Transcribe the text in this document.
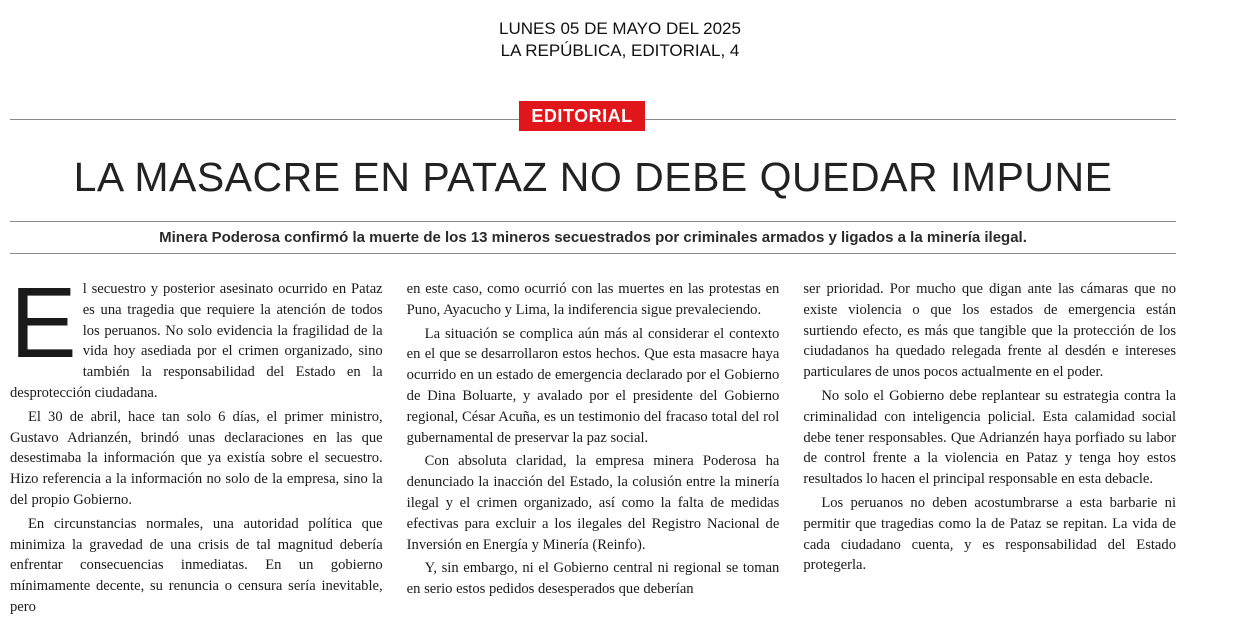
LUNES 05 DE MAYO DEL 2025
LA REPÚBLICA, EDITORIAL, 4
EDITORIAL
LA MASACRE EN PATAZ NO DEBE QUEDAR IMPUNE
Minera Poderosa confirmó la muerte de los 13 mineros secuestrados por criminales armados y ligados a la minería ilegal.

El secuestro y posterior asesinato ocurrido en Pataz es una tragedia que requiere la atención de todos los peruanos. No solo evidencia la fragilidad de la vida hoy asediada por el crimen organizado, sino también la responsabilidad del Estado en la desprotección ciudadana.

El 30 de abril, hace tan solo 6 días, el primer ministro, Gustavo Adrianzén, brindó unas declaraciones en las que desestimaba la información que ya existía sobre el secuestro. Hizo referencia a la información no solo de la empresa, sino la del propio Gobierno.

En circunstancias normales, una autoridad política que minimiza la gravedad de una crisis de tal magnitud debería enfrentar consecuencias inmediatas. En un gobierno mínimamente decente, su renuncia o censura sería inevitable, pero

en este caso, como ocurrió con las muertes en las protestas en Puno, Ayacucho y Lima, la indiferencia sigue prevaleciendo.

La situación se complica aún más al considerar el contexto en el que se desarrollaron estos hechos. Que esta masacre haya ocurrido en un estado de emergencia declarado por el Gobierno de Dina Boluarte, y avalado por el presidente del Gobierno regional, César Acuña, es un testimonio del fracaso total del rol gubernamental de preservar la paz social.

Con absoluta claridad, la empresa minera Poderosa ha denunciado la inacción del Estado, la colusión entre la minería ilegal y el crimen organizado, así como la falta de medidas efectivas para excluir a los ilegales del Registro Nacional de Inversión en Energía y Minería (Reinfo).

Y, sin embargo, ni el Gobierno central ni regional se toman en serio estos pedidos desesperados que deberían

ser prioridad. Por mucho que digan ante las cámaras que no existe violencia o que los estados de emergencia están surtiendo efecto, es más que tangible que la protección de los ciudadanos ha quedado relegada frente al desdén e intereses particulares de unos pocos actualmente en el poder.

No solo el Gobierno debe replantear su estrategia contra la criminalidad con inteligencia policial. Esta calamidad social debe tener responsables. Que Adrianzén haya porfiado su labor de control frente a la violencia en Pataz y tenga hoy estos resultados lo hacen el principal responsable en esta debacle.

Los peruanos no deben acostumbrarse a esta barbarie ni permitir que tragedias como la de Pataz se repitan. La vida de cada ciudadano cuenta, y es responsabilidad del Estado protegerla.
